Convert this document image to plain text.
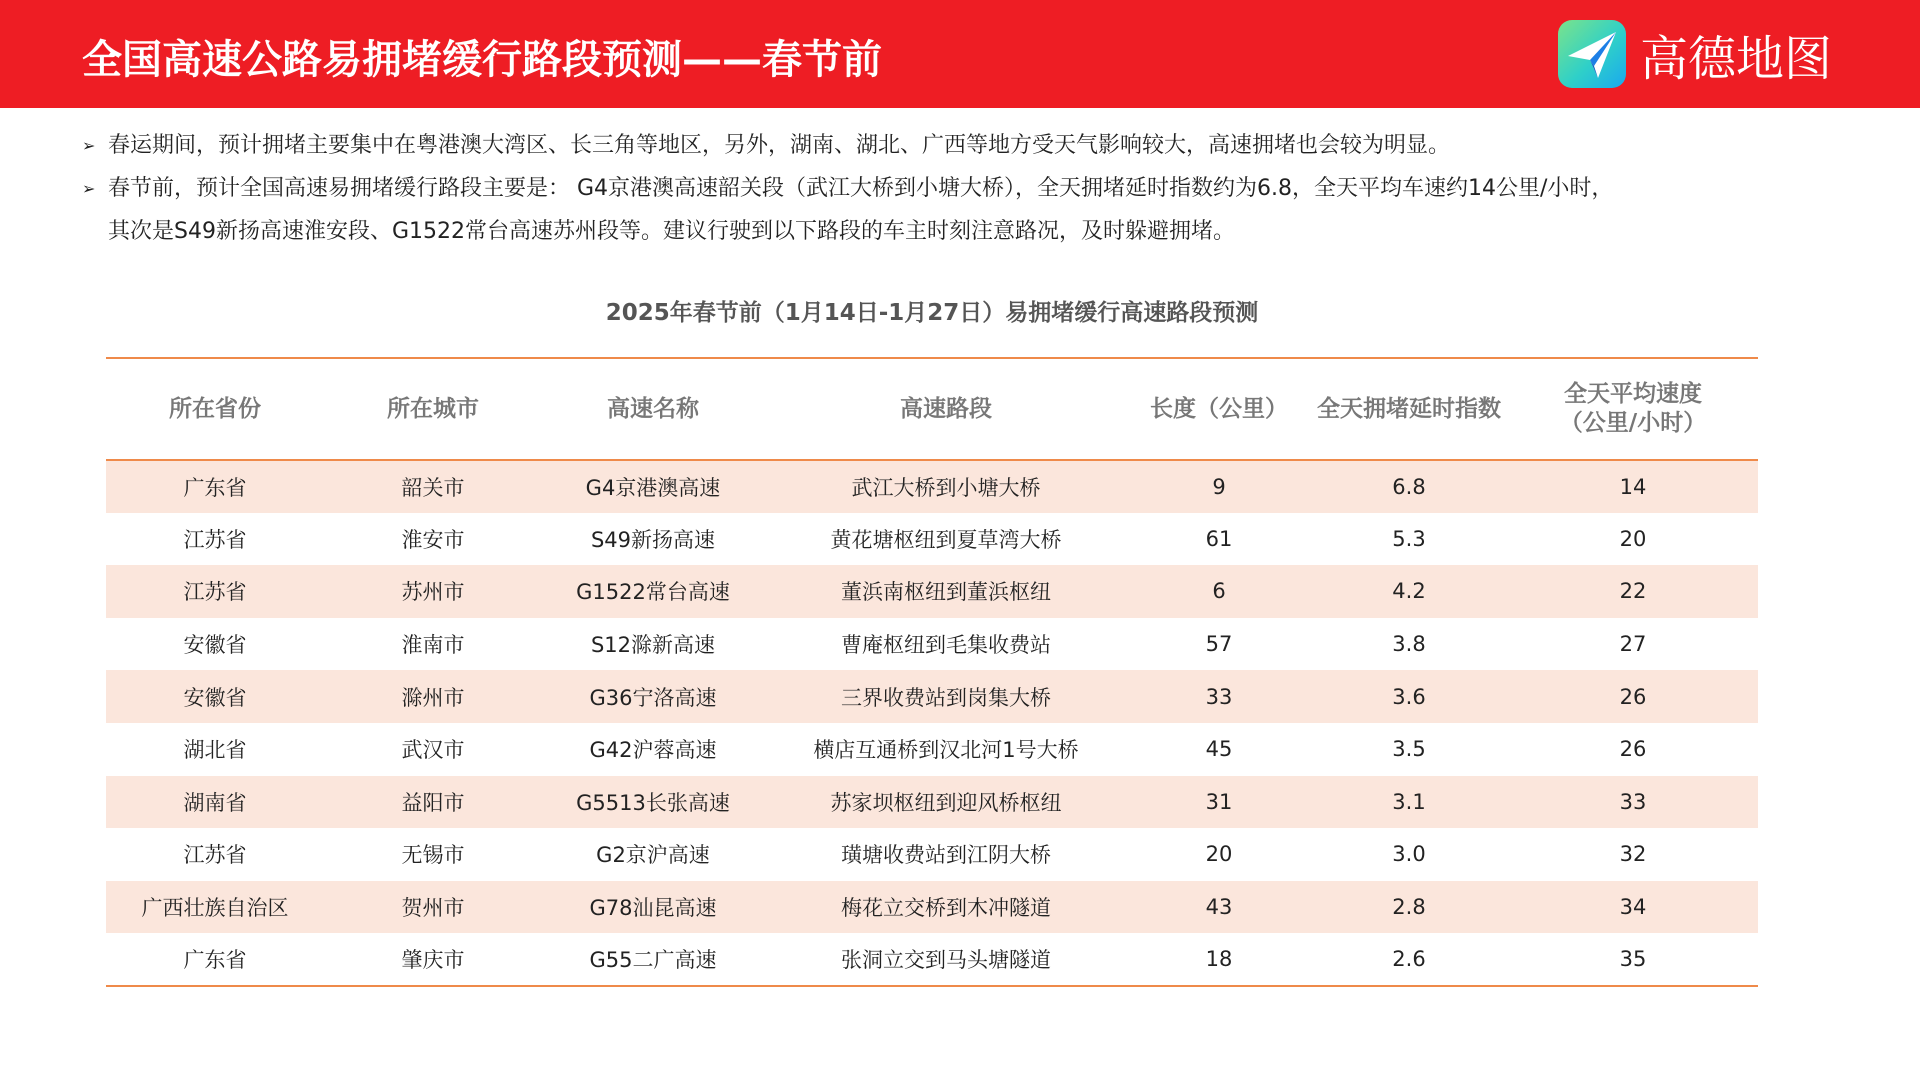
全国高速公路易拥堵缓行路段预测——春节前	高德地图
➢ 春运期间，预计拥堵主要集中在粤港澳大湾区、长三角等地区，另外，湖南、湖北、广西等地方受天气影响较大，高速拥堵也会较为明显。
➢ 春节前，预计全国高速易拥堵缓行路段主要是： G4京港澳高速韶关段（武江大桥到小塘大桥），全天拥堵延时指数约为6.8，全天平均车速约14公里/小时，
其次是S49新扬高速淮安段、G1522常台高速苏州段等。建议行驶到以下路段的车主时刻注意路况，及时躲避拥堵。
2025年春节前（1月14日-1月27日）易拥堵缓行高速路段预测
所在省份	所在城市	高速名称	高速路段	长度（公里）	全天拥堵延时指数	全天平均速度
（公里/小时）

广东省	韶关市	G4京港澳高速	武江大桥到小塘大桥	9	6.8	14
江苏省	淮安市	S49新扬高速	黄花塘枢纽到夏草湾大桥	61	5.3	20
江苏省	苏州市	G1522常台高速	董浜南枢纽到董浜枢纽	6	4.2	22
安徽省	淮南市	S12滁新高速	曹庵枢纽到毛集收费站	57	3.8	27
安徽省	滁州市	G36宁洛高速	三界收费站到岗集大桥	33	3.6	26
湖北省	武汉市	G42沪蓉高速	横店互通桥到汉北河1号大桥	45	3.5	26
湖南省	益阳市	G5513长张高速	苏家坝枢纽到迎风桥枢纽	31	3.1	33
江苏省	无锡市	G2京沪高速	璜塘收费站到江阴大桥	20	3.0	32
广西壮族自治区	贺州市	G78汕昆高速	梅花立交桥到木冲隧道	43	2.8	34
广东省	肇庆市	G55二广高速	张洞立交到马头塘隧道	18	2.6	35
